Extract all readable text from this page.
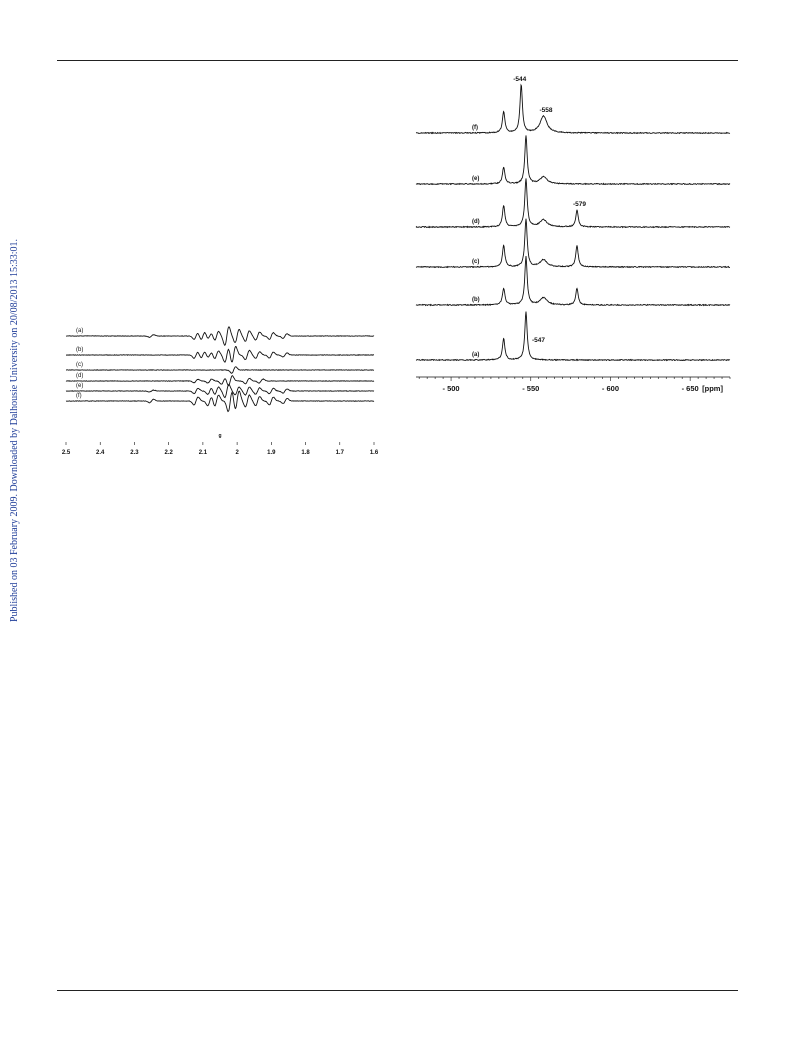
Published on 03 February 2009. Downloaded by Dalhousie University on 20/08/2013 15:33:01.	(a)
(b)
(c)
(d)
(e)
(f)
2.5	2.4	2.3	2.2	2.1	2	1.9	1.8	1.7	1.6
g
(f)
(e)
(d)
(c)
(b)
(a)
-544
-558
-579
-547
- 500	- 550	- 600	- 650 [ppm]
